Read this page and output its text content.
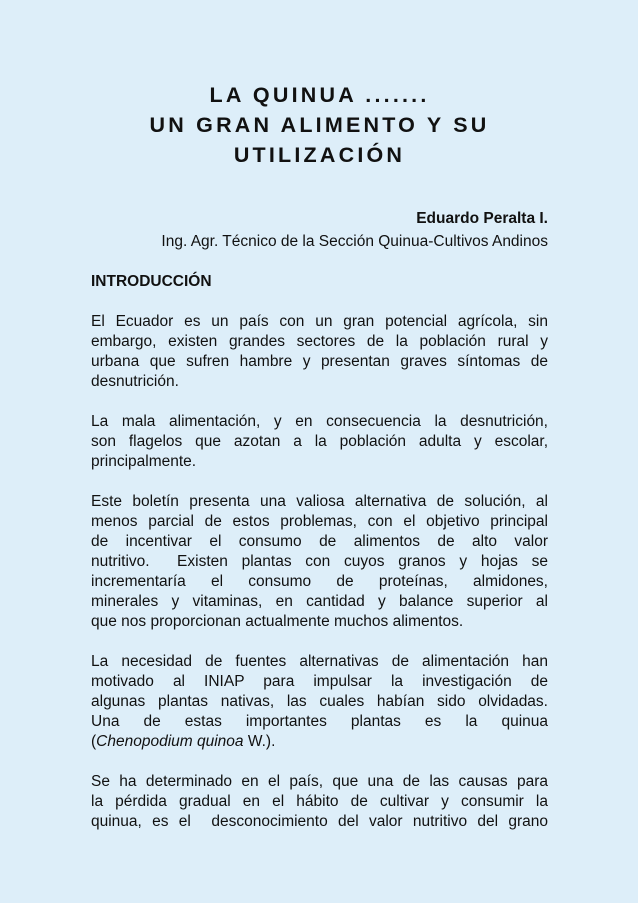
LA QUINUA .......
UN GRAN ALIMENTO Y SU
UTILIZACIÓN
Eduardo Peralta I.
Ing. Agr. Técnico de la Sección Quinua-Cultivos Andinos
INTRODUCCIÓN

El Ecuador es un país con un gran potencial agrícola, sin
embargo, existen grandes sectores de la población rural y
urbana que sufren hambre y presentan graves síntomas de
desnutrición.

La mala alimentación, y en consecuencia la desnutrición,
son flagelos que azotan a la población adulta y escolar,
principalmente.

Este boletín presenta una valiosa alternativa de solución, al
menos parcial de estos problemas, con el objetivo principal
de incentivar el consumo de alimentos de alto valor
nutritivo.  Existen plantas con cuyos granos y hojas se
incrementaría el consumo de proteínas, almidones,
minerales y vitaminas, en cantidad y balance superior al
que nos proporcionan actualmente muchos alimentos.

La necesidad de fuentes alternativas de alimentación han
motivado al INIAP para impulsar la investigación de
algunas plantas nativas, las cuales habían sido olvidadas.
Una de estas importantes plantas es la quinua
(Chenopodium quinoa W.).

Se ha determinado en el país, que una de las causas para
la pérdida gradual en el hábito de cultivar y consumir la
quinua, es el  desconocimiento del valor nutritivo del grano
